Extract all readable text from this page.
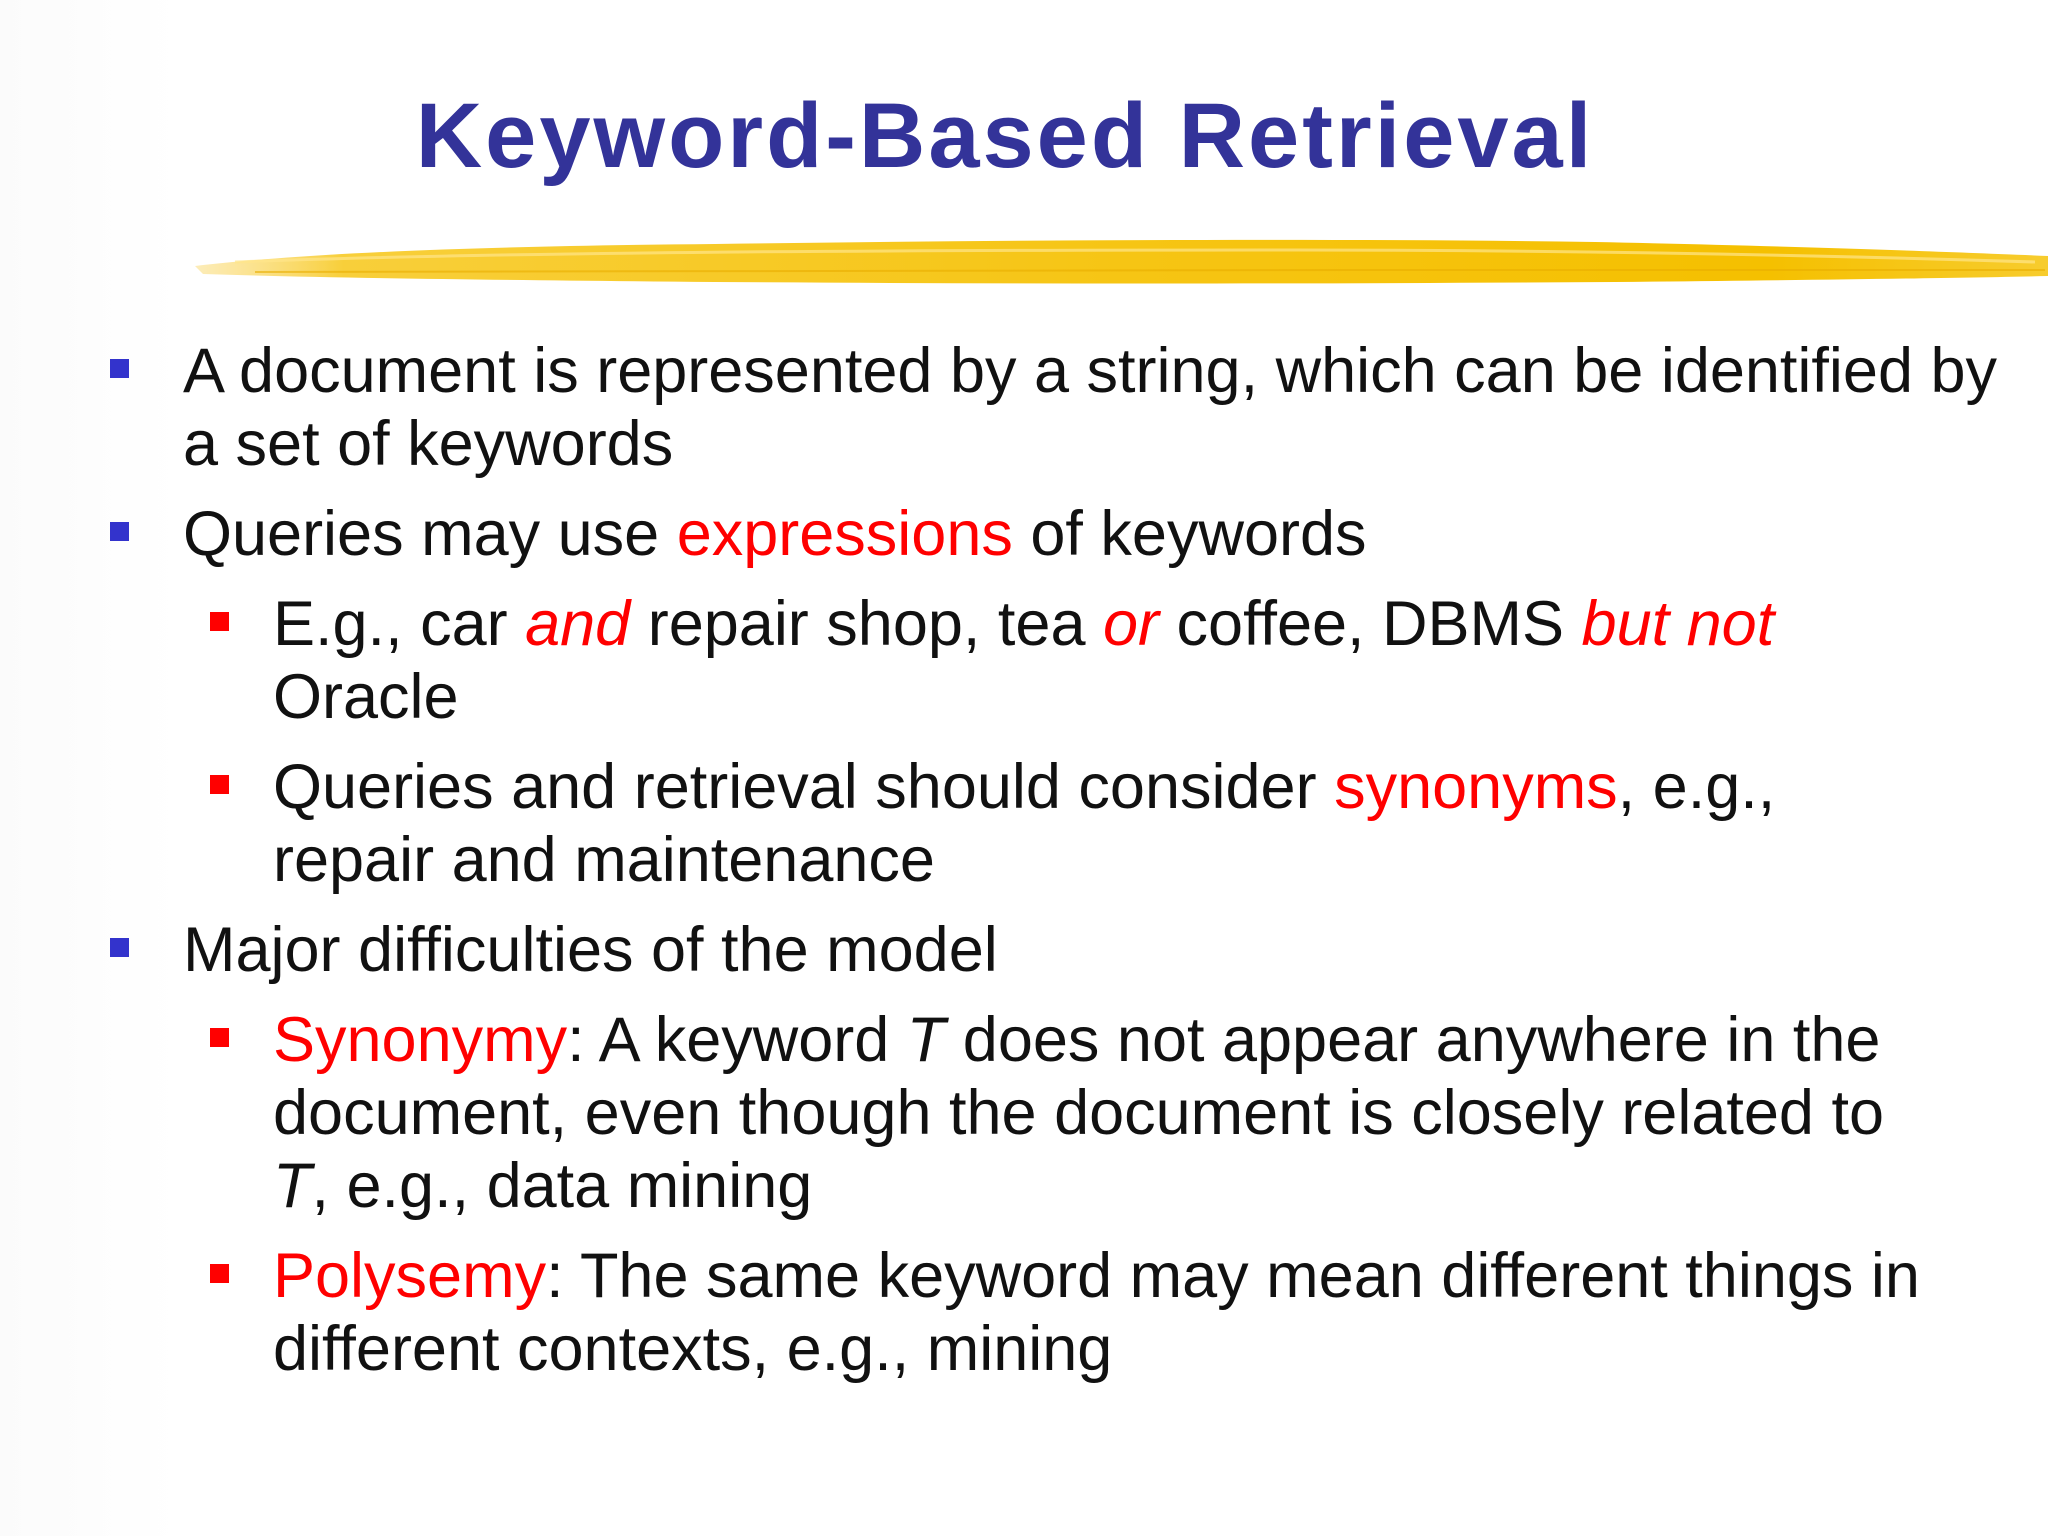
Keyword-Based Retrieval
A document is represented by a string, which can be identified by a set of keywords
Queries may use expressions of keywords
E.g., car and repair shop, tea or coffee, DBMS but not Oracle
Queries and retrieval should consider synonyms, e.g., repair and maintenance
Major difficulties of the model
Synonymy: A keyword T does not appear anywhere in the document, even though the document is closely related to T, e.g., data mining
Polysemy: The same keyword may mean different things in different contexts, e.g., mining
